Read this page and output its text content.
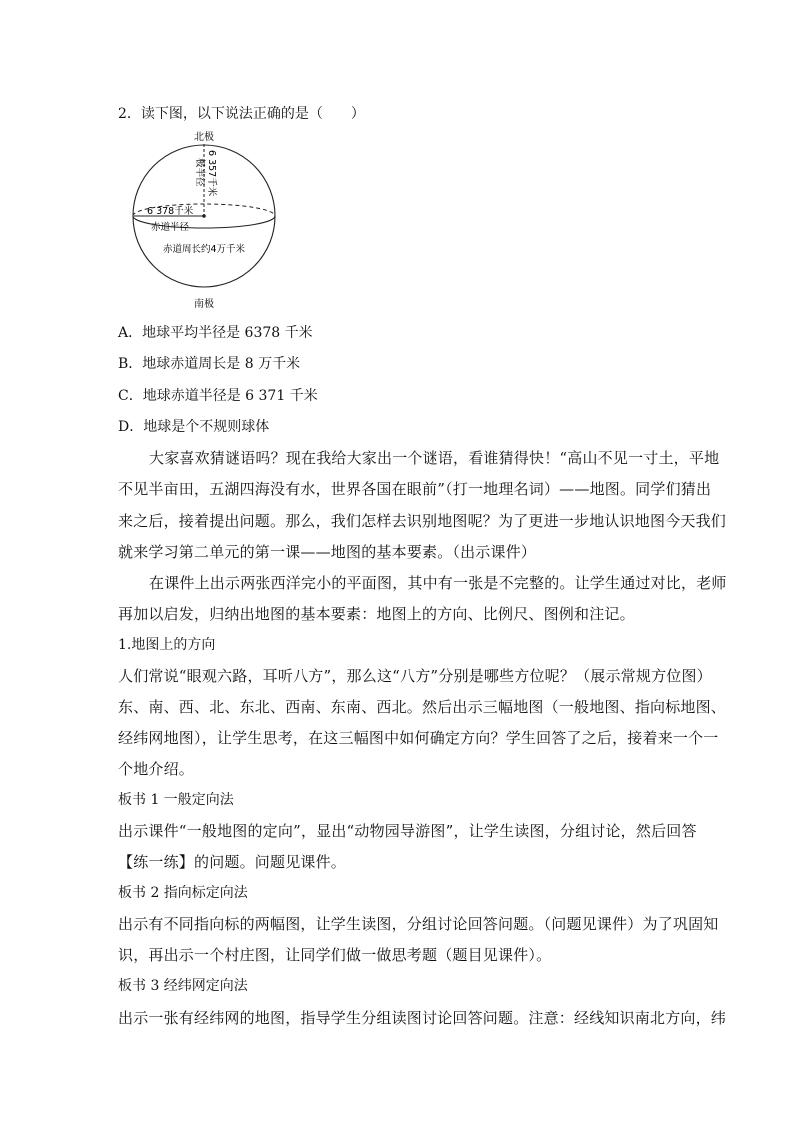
2．读下图，以下说法正确的是（　　）
北极
南极
极半径 6 357千米
6 378千米
赤道半径
赤道周长约4万千米
A．地球平均半径是 6378 千米
B．地球赤道周长是 8 万千米
C．地球赤道半径是 6 371 千米
D．地球是个不规则球体
大家喜欢猜谜语吗？现在我给大家出一个谜语，看谁猜得快！“高山不见一寸土，平地
不见半亩田，五湖四海没有水，世界各国在眼前”（打一地理名词）——地图。同学们猜出
来之后，接着提出问题。那么，我们怎样去识别地图呢？为了更进一步地认识地图今天我们
就来学习第二单元的第一课——地图的基本要素。（出示课件）
在课件上出示两张西洋完小的平面图，其中有一张是不完整的。让学生通过对比，老师
再加以启发，归纳出地图的基本要素：地图上的方向、比例尺、图例和注记。
1.地图上的方向
人们常说“眼观六路，耳听八方”，那么这“八方”分别是哪些方位呢？（展示常规方位图）
东、南、西、北、东北、西南、东南、西北。然后出示三幅地图（一般地图、指向标地图、
经纬网地图），让学生思考，在这三幅图中如何确定方向？学生回答了之后，接着来一个一
个地介绍。
板书 1 一般定向法
出示课件“一般地图的定向”，显出“动物园导游图”，让学生读图，分组讨论，然后回答
【练一练】的问题。问题见课件。
板书 2 指向标定向法
出示有不同指向标的两幅图，让学生读图，分组讨论回答问题。（问题见课件）为了巩固知
识，再出示一个村庄图，让同学们做一做思考题（题目见课件）。
板书 3 经纬网定向法
出示一张有经纬网的地图，指导学生分组读图讨论回答问题。注意：经线知识南北方向，纬
